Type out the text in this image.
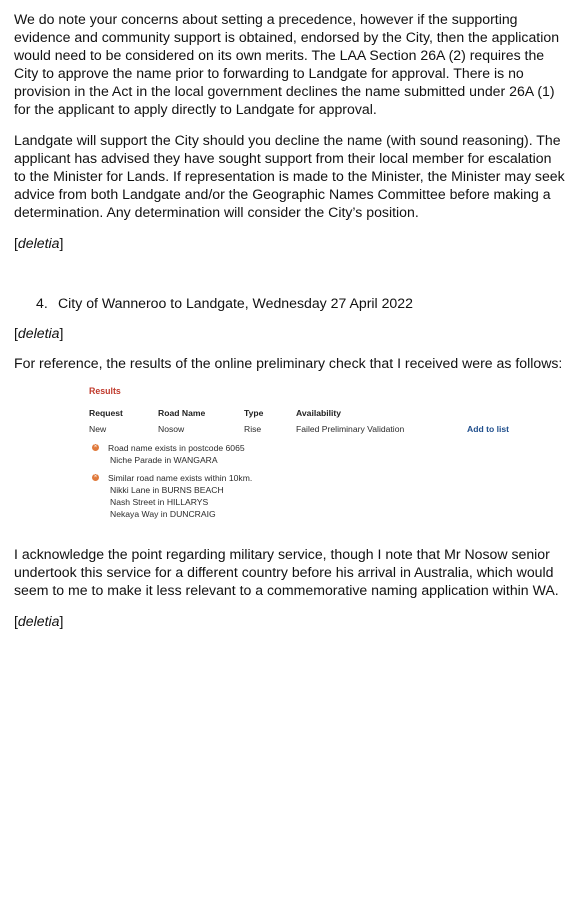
We do note your concerns about setting a precedence, however if the supporting evidence and community support is obtained, endorsed by the City, then the application would need to be considered on its own merits. The LAA Section 26A (2) requires the City to approve the name prior to forwarding to Landgate for approval. There is no provision in the Act in the local government declines the name submitted under 26A (1) for the applicant to apply directly to Landgate for approval.

Landgate will support the City should you decline the name (with sound reasoning). The applicant has advised they have sought support from their local member for escalation to the Minister for Lands. If representation is made to the Minister, the Minister may seek advice from both Landgate and/or the Geographic Names Committee before making a determination. Any determination will consider the City’s position.

[deletia]

4. City of Wanneroo to Landgate, Wednesday 27 April 2022

[deletia]

For reference, the results of the online preliminary check that I received were as follows:

Results
Request	Road Name	Type	Availability
New	Nosow	Rise	Failed Preliminary Validation	Add to list
× Road name exists in postcode 6065
Niche Parade in WANGARA
× Similar road name exists within 10km.
Nikki Lane in BURNS BEACH
Nash Street in HILLARYS
Nekaya Way in DUNCRAIG

I acknowledge the point regarding military service, though I note that Mr Nosow senior undertook this service for a different country before his arrival in Australia, which would seem to me to make it less relevant to a commemorative naming application within WA.

[deletia]
